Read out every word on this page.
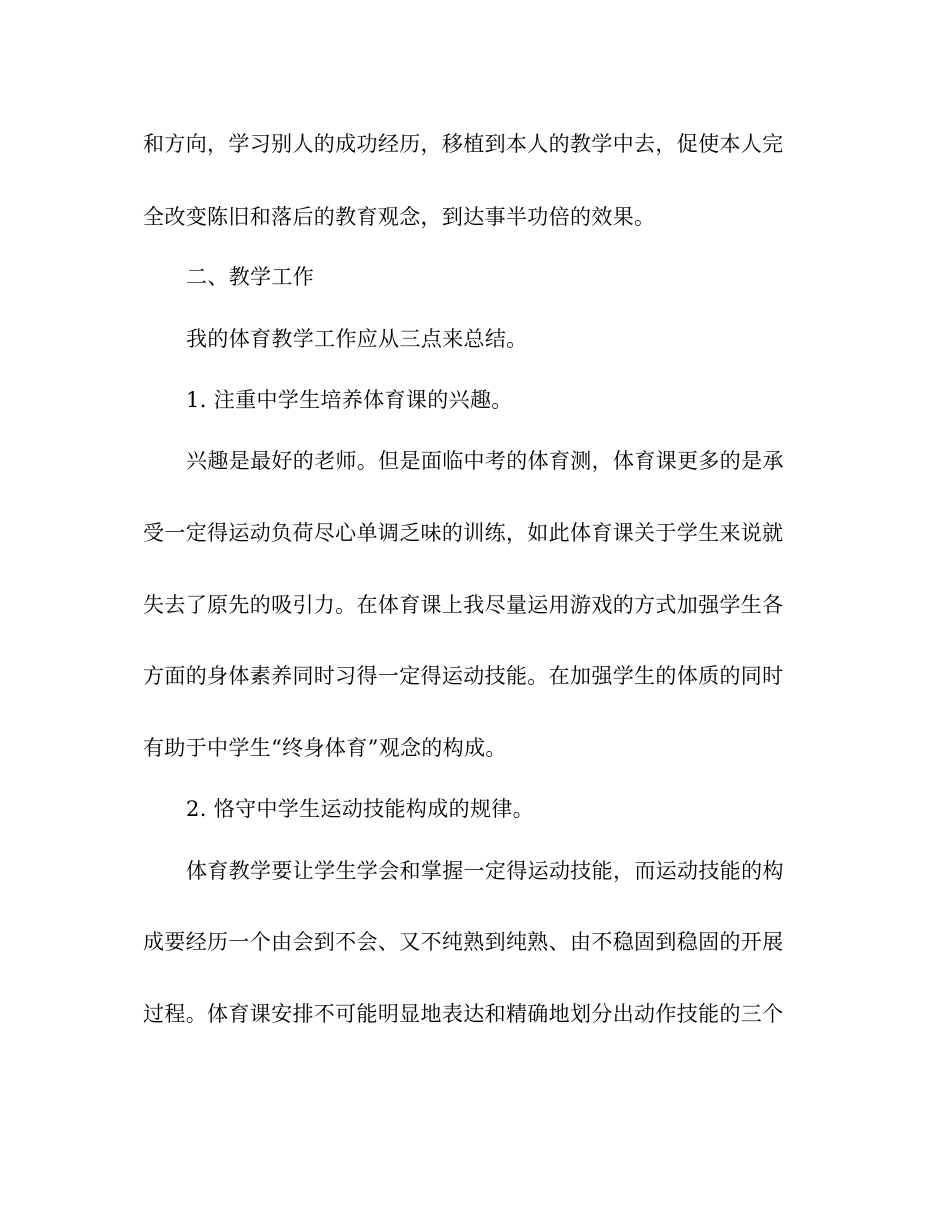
和方向，学习别人的成功经历，移植到本人的教学中去，促使本人完
全改变陈旧和落后的教育观念，到达事半功倍的效果。
二、教学工作
我的体育教学工作应从三点来总结。
1. 注重中学生培养体育课的兴趣。
兴趣是最好的老师。但是面临中考的体育测，体育课更多的是承
受一定得运动负荷尽心单调乏味的训练，如此体育课关于学生来说就
失去了原先的吸引力。在体育课上我尽量运用游戏的方式加强学生各
方面的身体素养同时习得一定得运动技能。在加强学生的体质的同时
有助于中学生“终身体育”观念的构成。
2. 恪守中学生运动技能构成的规律。
体育教学要让学生学会和掌握一定得运动技能，而运动技能的构
成要经历一个由会到不会、又不纯熟到纯熟、由不稳固到稳固的开展
过程。体育课安排不可能明显地表达和精确地划分出动作技能的三个
